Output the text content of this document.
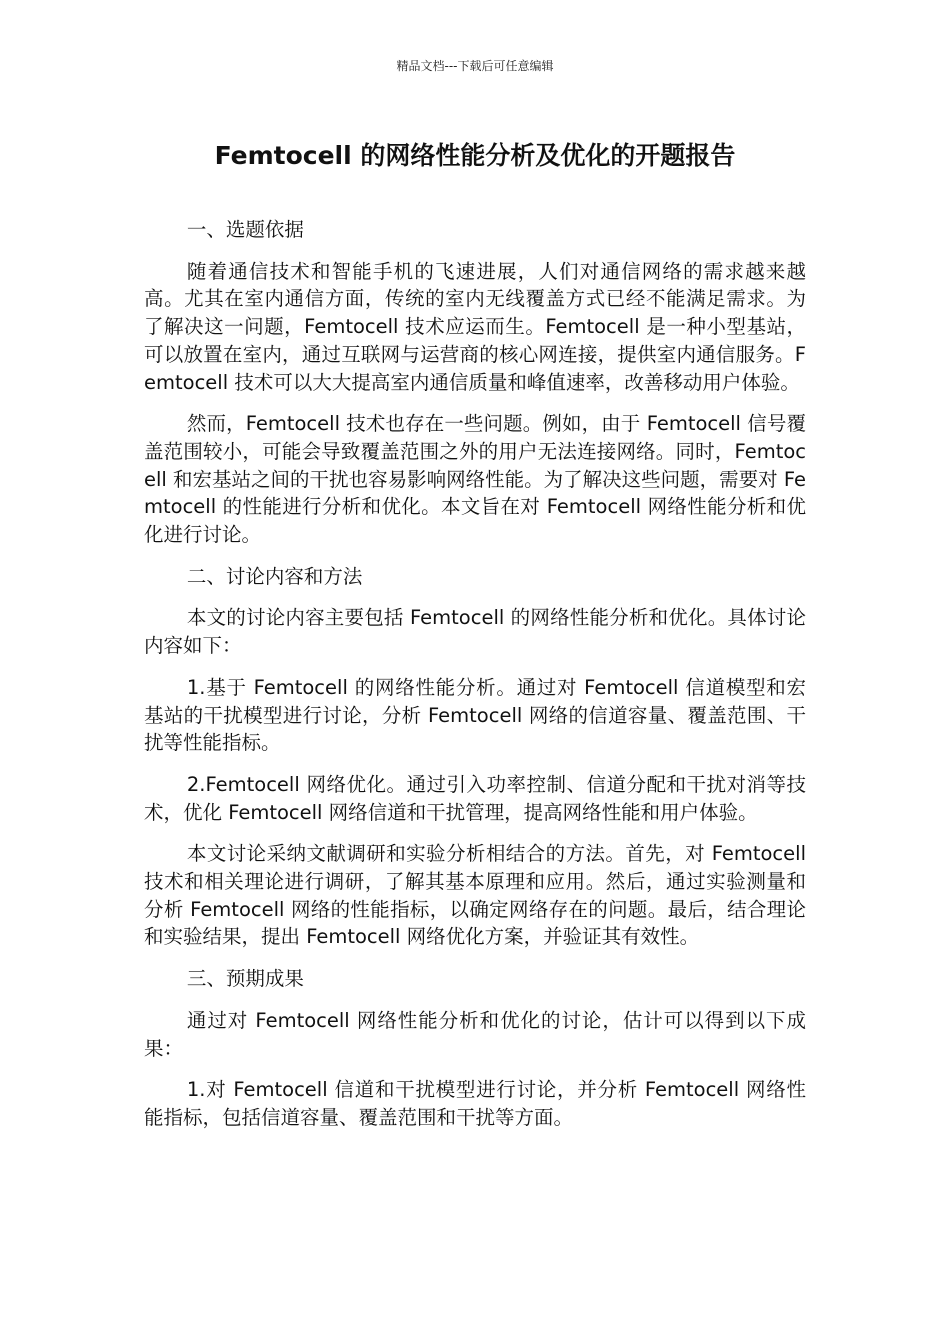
精品文档---下载后可任意编辑
Femtocell 的网络性能分析及优化的开题报告

一、选题依据

随着通信技术和智能手机的飞速进展，人们对通信网络的需求越来越高。尤其在室内通信方面，传统的室内无线覆盖方式已经不能满足需求。为了解决这一问题，Femtocell 技术应运而生。Femtocell 是一种小型基站，可以放置在室内，通过互联网与运营商的核心网连接，提供室内通信服务。Femtocell 技术可以大大提高室内通信质量和峰值速率，改善移动用户体验。

然而，Femtocell 技术也存在一些问题。例如，由于 Femtocell 信号覆盖范围较小，可能会导致覆盖范围之外的用户无法连接网络。同时，Femtocell 和宏基站之间的干扰也容易影响网络性能。为了解决这些问题，需要对 Femtocell 的性能进行分析和优化。本文旨在对 Femtocell 网络性能分析和优化进行讨论。

二、讨论内容和方法

本文的讨论内容主要包括 Femtocell 的网络性能分析和优化。具体讨论内容如下：

1.基于 Femtocell 的网络性能分析。通过对 Femtocell 信道模型和宏基站的干扰模型进行讨论，分析 Femtocell 网络的信道容量、覆盖范围、干扰等性能指标。

2.Femtocell 网络优化。通过引入功率控制、信道分配和干扰对消等技术，优化 Femtocell 网络信道和干扰管理，提高网络性能和用户体验。

本文讨论采纳文献调研和实验分析相结合的方法。首先，对 Femtocell 技术和相关理论进行调研，了解其基本原理和应用。然后，通过实验测量和分析 Femtocell 网络的性能指标，以确定网络存在的问题。最后，结合理论和实验结果，提出 Femtocell 网络优化方案，并验证其有效性。

三、预期成果

通过对 Femtocell 网络性能分析和优化的讨论，估计可以得到以下成果：

1.对 Femtocell 信道和干扰模型进行讨论，并分析 Femtocell 网络性能指标，包括信道容量、覆盖范围和干扰等方面。
